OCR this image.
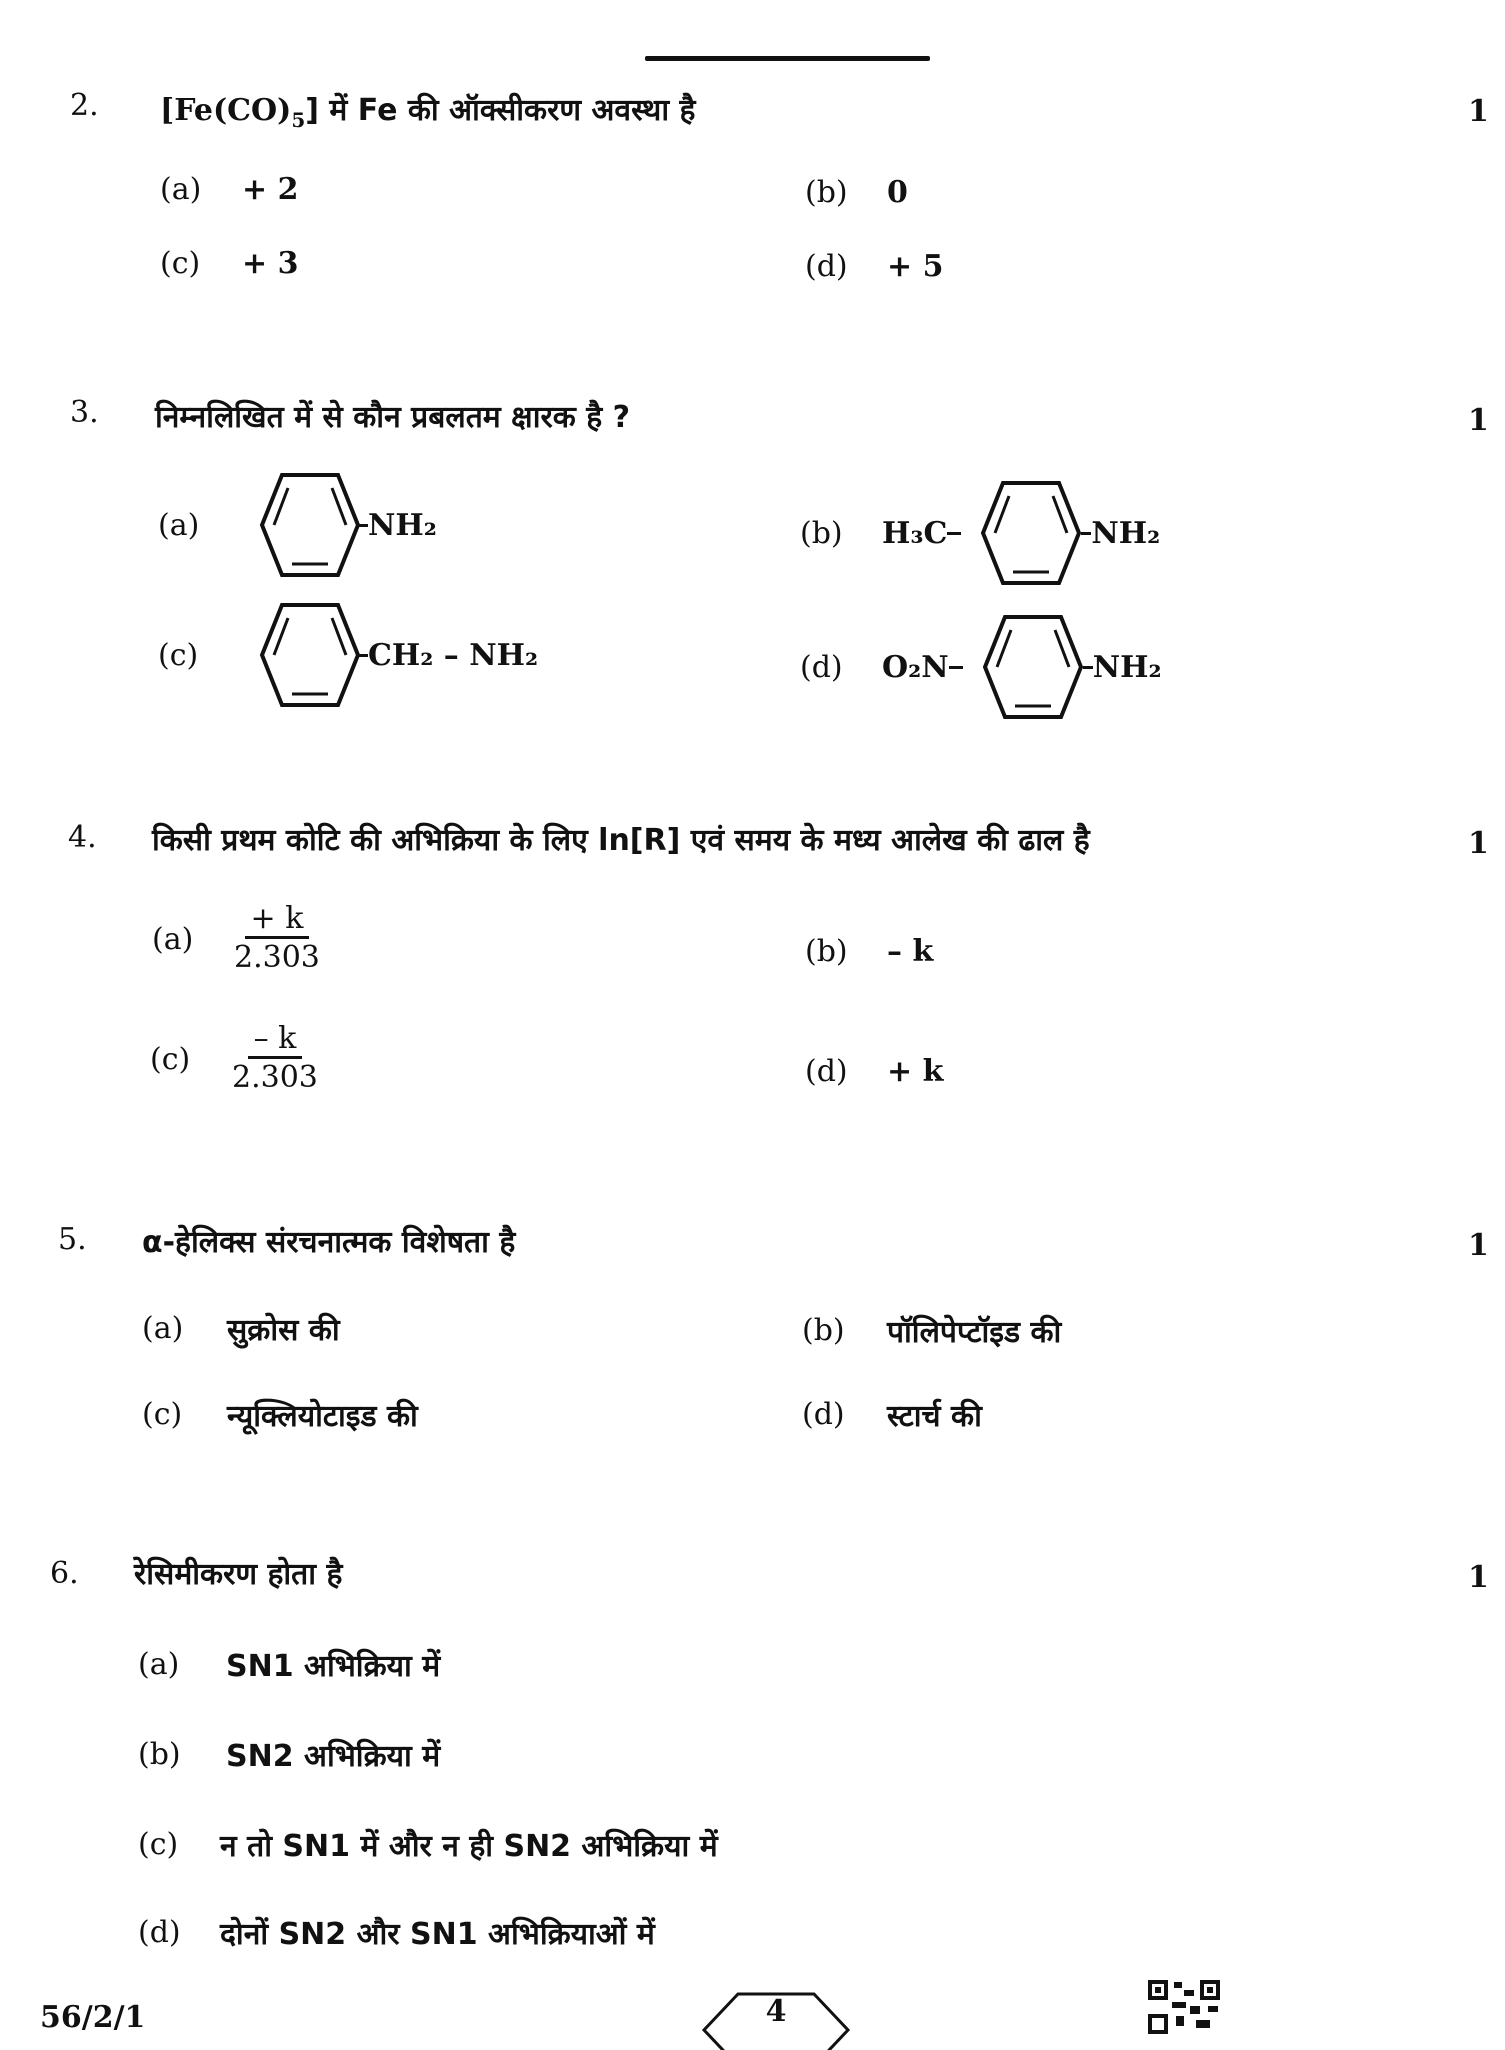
2. $[Fe(CO)_5]$ में Fe की ऑक्सीकरण अवस्था है	1
(a)	+ 2	(b)	0
(c)	+ 3	(d)	+ 5
3. निम्नलिखित में से कौन प्रबलतम क्षारक है ?	1
(a)	NH₂	(b)	H₃C	NH₂
(c)	CH₂ – NH₂	(d)	O₂N	NH₂
4. किसी प्रथम कोटि की अभिक्रिया के लिए ln[R] एवं समय के मध्य आलेख की ढाल है	1
(a)	$\frac{+ k}{2.303}$	(b)	– k
(c)	$\frac{- k}{2.303}$	(d)	+ k
5. α-हेलिक्स संरचनात्मक विशेषता है	1
(a)	सुक्रोस की	(b)	पॉलिपेप्टॉइड की
(c)	न्यूक्लियोटाइड की	(d)	स्टार्च की
6. रेसिमीकरण होता है	1
(a)	SN1 अभिक्रिया में
(b)	SN2 अभिक्रिया में
(c)	न तो SN1 में और न ही SN2 अभिक्रिया में
(d)	दोनों SN2 और SN1 अभिक्रियाओं में
56/2/1	4
